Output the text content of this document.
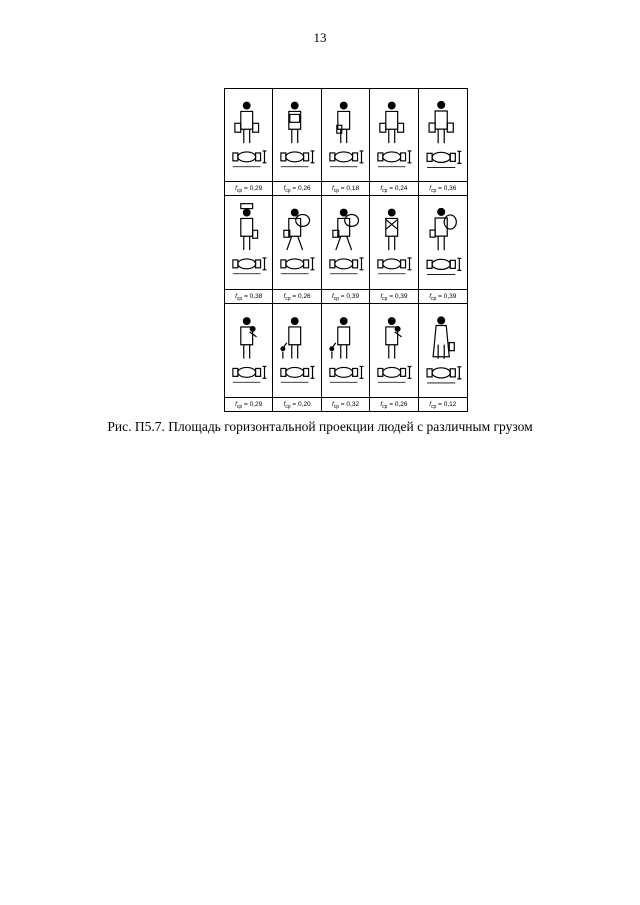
13
$f_{ср} = 0,29$	$f_{ср} = 0,26$	$f_{ср} = 0,18$	$f_{ср} = 0,24$	$f_{ср} = 0,36$
$f_{ср} = 0,38$	$f_{ср} = 0,26$	$f_{ср} = 0,39$	$f_{ср} = 0,39$	$f_{ср} = 0,39$
$f_{ср} = 0,29$	$f_{ср} = 0,20$	$f_{ср} = 0,32$	$f_{ср} = 0,26$	$f_{ср} = 0,12$
Рис. П5.7. Площадь горизонтальной проекции людей с различным грузом
